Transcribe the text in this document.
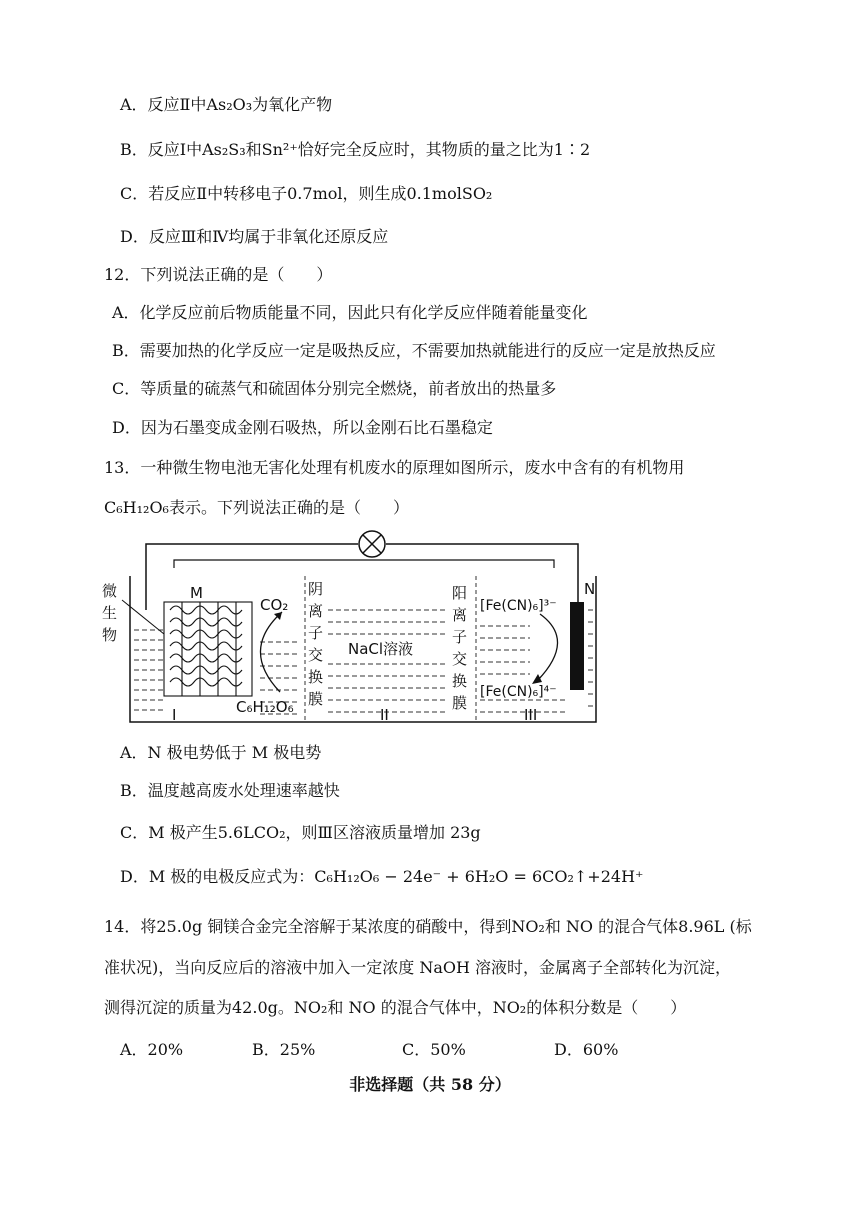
A．反应Ⅱ中As₂O₃为氧化产物
B．反应Ⅰ中As₂S₃和Sn²⁺恰好完全反应时，其物质的量之比为1∶2
C．若反应Ⅱ中转移电子0.7mol，则生成0.1molSO₂
D．反应Ⅲ和Ⅳ均属于非氧化还原反应
12．下列说法正确的是（　　）
A．化学反应前后物质能量不同，因此只有化学反应伴随着能量变化
B．需要加热的化学反应一定是吸热反应，不需要加热就能进行的反应一定是放热反应
C．等质量的硫蒸气和硫固体分别完全燃烧，前者放出的热量多
D．因为石墨变成金刚石吸热，所以金刚石比石墨稳定
13．一种微生物电池无害化处理有机废水的原理如图所示，废水中含有的有机物用
C₆H₁₂O₆表示。下列说法正确的是（　　）
微
生
物
M	N
CO₂
C₆H₁₂O₆
NaCl溶液
[Fe(CN)₆]³⁻
[Fe(CN)₆]⁴⁻
I	II	III
阴
离
子
交
换
膜
阳
离
子
交
换
膜
A．N 极电势低于 M 极电势
B．温度越高废水处理速率越快
C．M 极产生5.6LCO₂，则Ⅲ区溶液质量增加 23g
D．M 极的电极反应式为：C₆H₁₂O₆ − 24e⁻ + 6H₂O = 6CO₂↑+24H⁺
14．将25.0g 铜镁合金完全溶解于某浓度的硝酸中，得到NO₂和 NO 的混合气体8.96L (标
准状况)，当向反应后的溶液中加入一定浓度 NaOH 溶液时，金属离子全部转化为沉淀，
测得沉淀的质量为42.0g。NO₂和 NO 的混合气体中，NO₂的体积分数是（　　）
A．20%	B．25%	C．50%	D．60%
非选择题（共 58 分）
